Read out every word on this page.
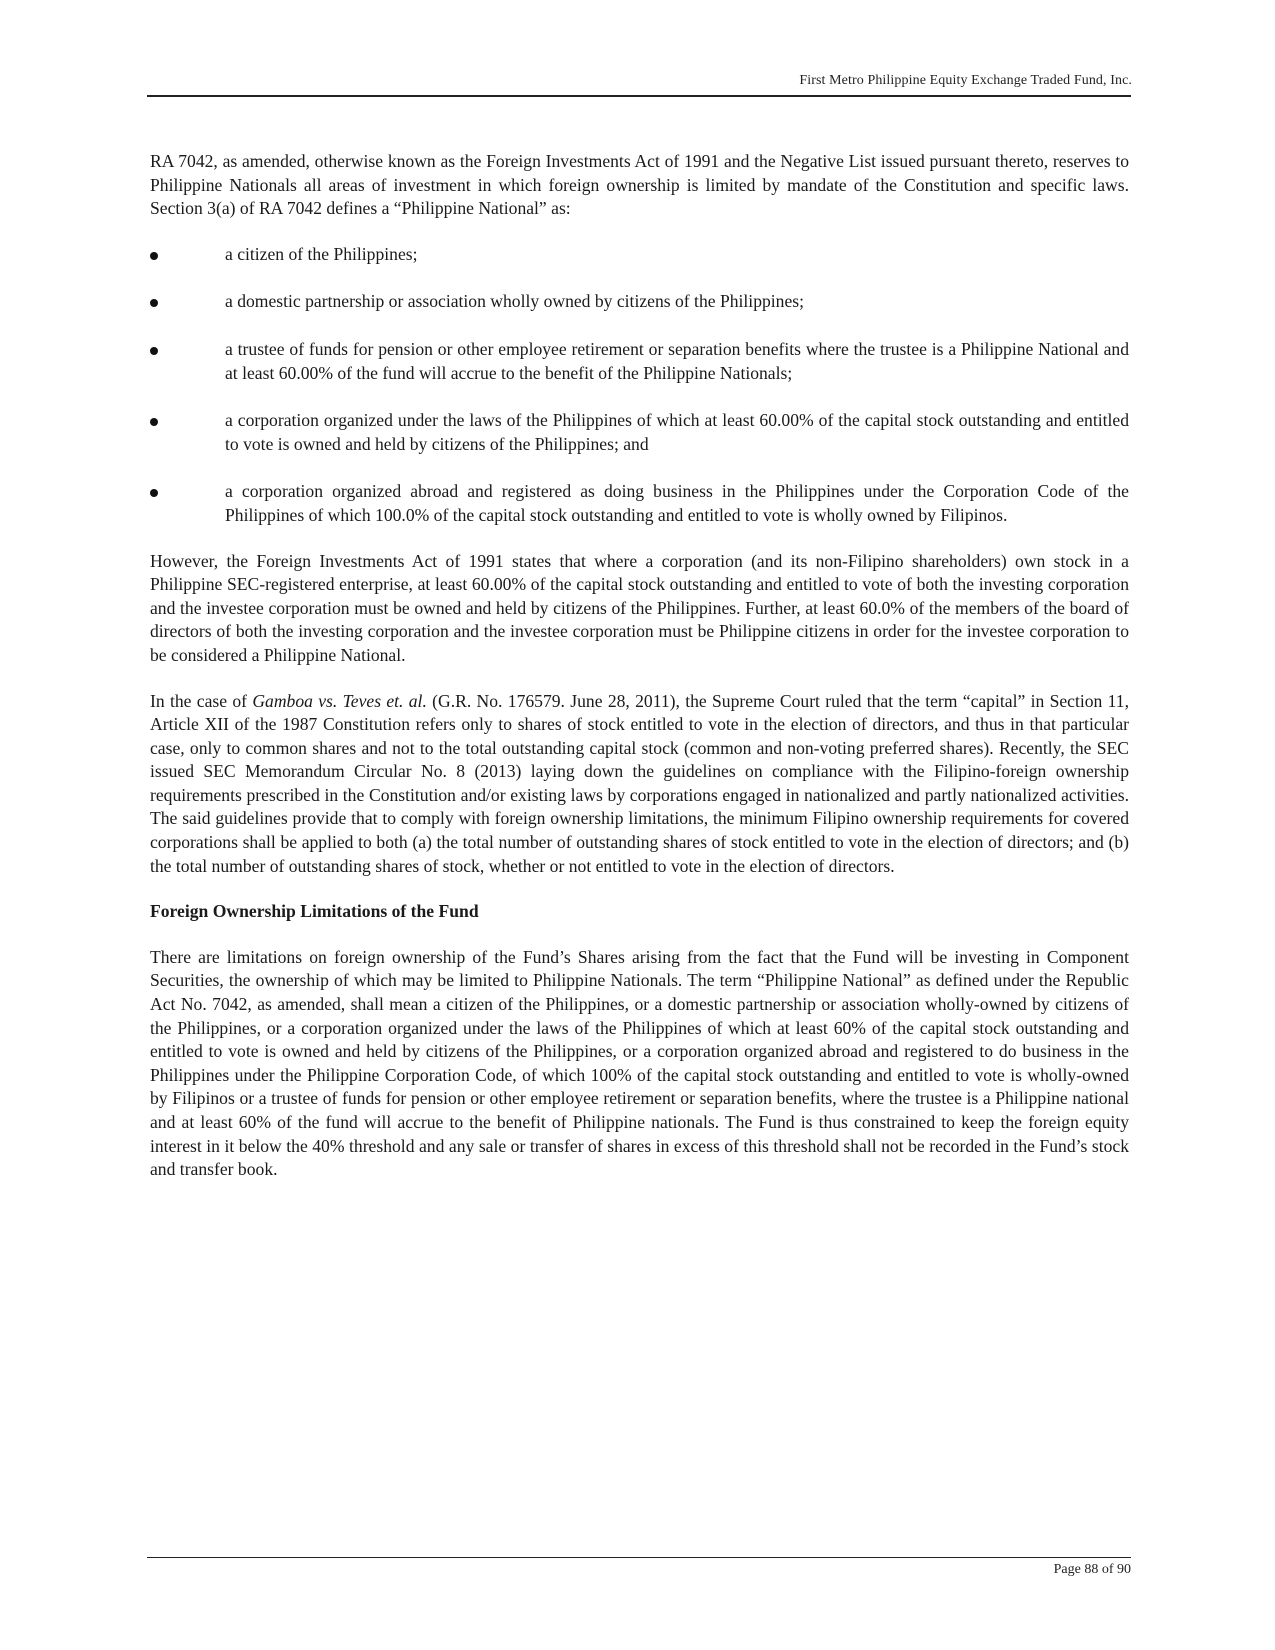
First Metro Philippine Equity Exchange Traded Fund, Inc.

RA 7042, as amended, otherwise known as the Foreign Investments Act of 1991 and the Negative List issued pursuant thereto, reserves to Philippine Nationals all areas of investment in which foreign ownership is limited by mandate of the Constitution and specific laws. Section 3(a) of RA 7042 defines a “Philippine National” as:

a citizen of the Philippines;
a domestic partnership or association wholly owned by citizens of the Philippines;
a trustee of funds for pension or other employee retirement or separation benefits where the trustee is a Philippine National and at least 60.00% of the fund will accrue to the benefit of the Philippine Nationals;
a corporation organized under the laws of the Philippines of which at least 60.00% of the capital stock outstanding and entitled to vote is owned and held by citizens of the Philippines; and
a corporation organized abroad and registered as doing business in the Philippines under the Corporation Code of the Philippines of which 100.0% of the capital stock outstanding and entitled to vote is wholly owned by Filipinos.

However, the Foreign Investments Act of 1991 states that where a corporation (and its non-Filipino shareholders) own stock in a Philippine SEC-registered enterprise, at least 60.00% of the capital stock outstanding and entitled to vote of both the investing corporation and the investee corporation must be owned and held by citizens of the Philippines. Further, at least 60.0% of the members of the board of directors of both the investing corporation and the investee corporation must be Philippine citizens in order for the investee corporation to be considered a Philippine National.

In the case of Gamboa vs. Teves et. al. (G.R. No. 176579. June 28, 2011), the Supreme Court ruled that the term “capital” in Section 11, Article XII of the 1987 Constitution refers only to shares of stock entitled to vote in the election of directors, and thus in that particular case, only to common shares and not to the total outstanding capital stock (common and non-voting preferred shares). Recently, the SEC issued SEC Memorandum Circular No. 8 (2013) laying down the guidelines on compliance with the Filipino-foreign ownership requirements prescribed in the Constitution and/or existing laws by corporations engaged in nationalized and partly nationalized activities. The said guidelines provide that to comply with foreign ownership limitations, the minimum Filipino ownership requirements for covered corporations shall be applied to both (a) the total number of outstanding shares of stock entitled to vote in the election of directors; and (b) the total number of outstanding shares of stock, whether or not entitled to vote in the election of directors.

Foreign Ownership Limitations of the Fund

There are limitations on foreign ownership of the Fund’s Shares arising from the fact that the Fund will be investing in Component Securities, the ownership of which may be limited to Philippine Nationals. The term “Philippine National” as defined under the Republic Act No. 7042, as amended, shall mean a citizen of the Philippines, or a domestic partnership or association wholly-owned by citizens of the Philippines, or a corporation organized under the laws of the Philippines of which at least 60% of the capital stock outstanding and entitled to vote is owned and held by citizens of the Philippines, or a corporation organized abroad and registered to do business in the Philippines under the Philippine Corporation Code, of which 100% of the capital stock outstanding and entitled to vote is wholly-owned by Filipinos or a trustee of funds for pension or other employee retirement or separation benefits, where the trustee is a Philippine national and at least 60% of the fund will accrue to the benefit of Philippine nationals. The Fund is thus constrained to keep the foreign equity interest in it below the 40% threshold and any sale or transfer of shares in excess of this threshold shall not be recorded in the Fund’s stock and transfer book.

Page 88 of 90
